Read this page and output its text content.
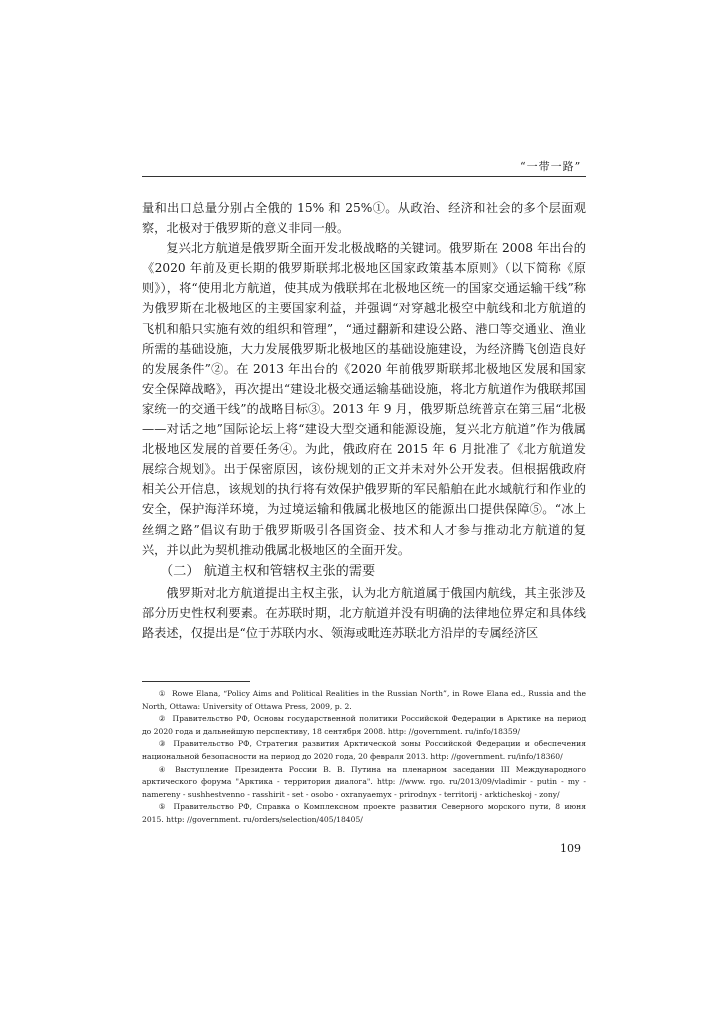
“一带一路”

量和出口总量分别占全俄的 15% 和 25%①。从政治、经济和社会的多个层面观察，北极对于俄罗斯的意义非同一般。

复兴北方航道是俄罗斯全面开发北极战略的关键词。俄罗斯在 2008 年出台的《2020 年前及更长期的俄罗斯联邦北极地区国家政策基本原则》（以下简称《原则》），将“使用北方航道，使其成为俄联邦在北极地区统一的国家交通运输干线”称为俄罗斯在北极地区的主要国家利益，并强调“对穿越北极空中航线和北方航道的飞机和船只实施有效的组织和管理”，“通过翻新和建设公路、港口等交通业、渔业所需的基础设施，大力发展俄罗斯北极地区的基础设施建设，为经济腾飞创造良好的发展条件”②。在 2013 年出台的《2020 年前俄罗斯联邦北极地区发展和国家安全保障战略》，再次提出“建设北极交通运输基础设施，将北方航道作为俄联邦国家统一的交通干线”的战略目标③。2013 年 9 月，俄罗斯总统普京在第三届“北极——对话之地”国际论坛上将“建设大型交通和能源设施，复兴北方航道”作为俄属北极地区发展的首要任务④。为此，俄政府在 2015 年 6 月批准了《北方航道发展综合规划》。出于保密原因，该份规划的正文并未对外公开发表。但根据俄政府相关公开信息，该规划的执行将有效保护俄罗斯的军民船舶在此水域航行和作业的安全，保护海洋环境，为过境运输和俄属北极地区的能源出口提供保障⑤。“冰上丝绸之路”倡议有助于俄罗斯吸引各国资金、技术和人才参与推动北方航道的复兴，并以此为契机推动俄属北极地区的全面开发。

（二） 航道主权和管辖权主张的需要

俄罗斯对北方航道提出主权主张，认为北方航道属于俄国内航线，其主张涉及部分历史性权利要素。在苏联时期，北方航道并没有明确的法律地位界定和具体线路表述，仅提出是“位于苏联内水、领海或毗连苏联北方沿岸的专属经济区

① Rowe Elana, “Policy Aims and Political Realities in the Russian North”, in Rowe Elana ed., Russia and the North, Ottawa: University of Ottawa Press, 2009, p. 2.

② Правительство РФ, Основы государственной политики Российской Федерации в Арктике на период до 2020 года и дальнейшую перспективу, 18 сентября 2008. http: //government. ru/info/18359/

③ Правительство РФ, Стратегия развития Арктической зоны Российской Федерации и обеспечения национальной безопасности на период до 2020 года, 20 февраля 2013. http: //government. ru/info/18360/

④ Выступление Президента России В. В. Путина на пленарном заседании III Международного арктического форума "Арктика - территория диалога". http: //www. rgo. ru/2013/09/vladimir - putin - my - namereny - sushhestvenno - rasshirit - set - osobo - oxranyaemyx - prirodnyx - territorij - arkticheskoj - zony/

⑤ Правительство РФ, Справка о Комплексном проекте развития Северного морского пути, 8 июня 2015. http: //government. ru/orders/selection/405/18405/

109
